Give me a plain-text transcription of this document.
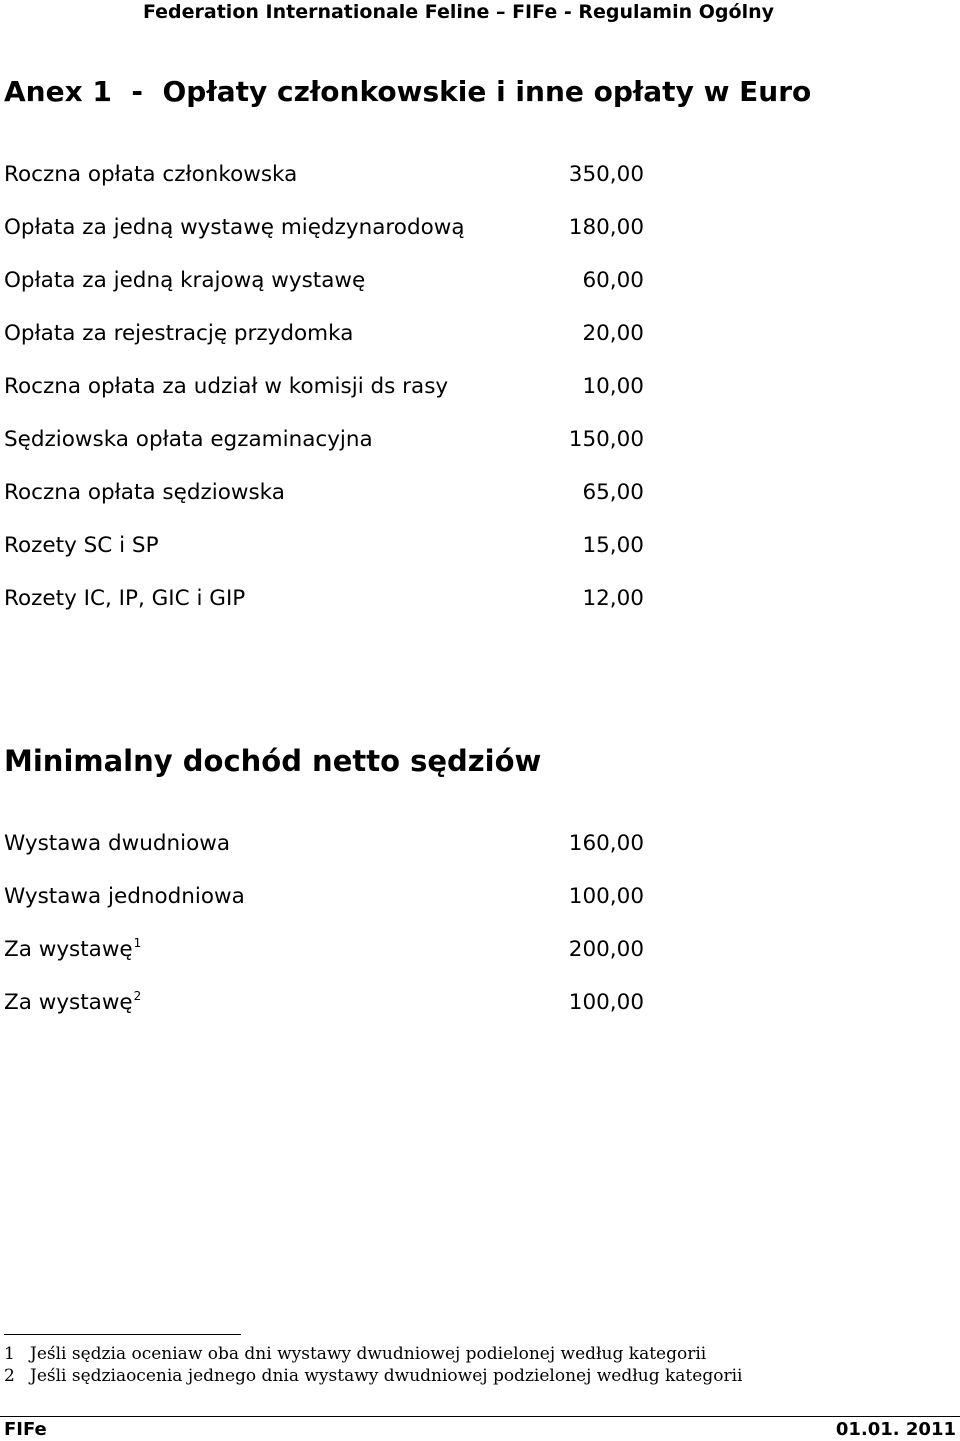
Federation Internationale Feline – FIFe - Regulamin Ogólny
Anex 1  -  Opłaty członkowskie i inne opłaty w Euro
Roczna opłata członkowska	350,00
Opłata za jedną wystawę międzynarodową	180,00
Opłata za jedną krajową wystawę	60,00
Opłata za rejestrację przydomka	20,00
Roczna opłata za udział w komisji ds rasy	10,00
Sędziowska opłata egzaminacyjna	150,00
Roczna opłata sędziowska	65,00
Rozety SC i SP	15,00
Rozety IC, IP, GIC i GIP	12,00
Minimalny dochód netto sędziów
Wystawa dwudniowa	160,00
Wystawa jednodniowa	100,00
Za wystawę$^1$	200,00
Za wystawę$^2$	100,00
1 Jeśli sędzia oceniaw oba dni wystawy dwudniowej podielonej według kategorii
2 Jeśli sędziaocenia jednego dnia wystawy dwudniowej podzielonej według kategorii
FIFe	01.01. 2011
